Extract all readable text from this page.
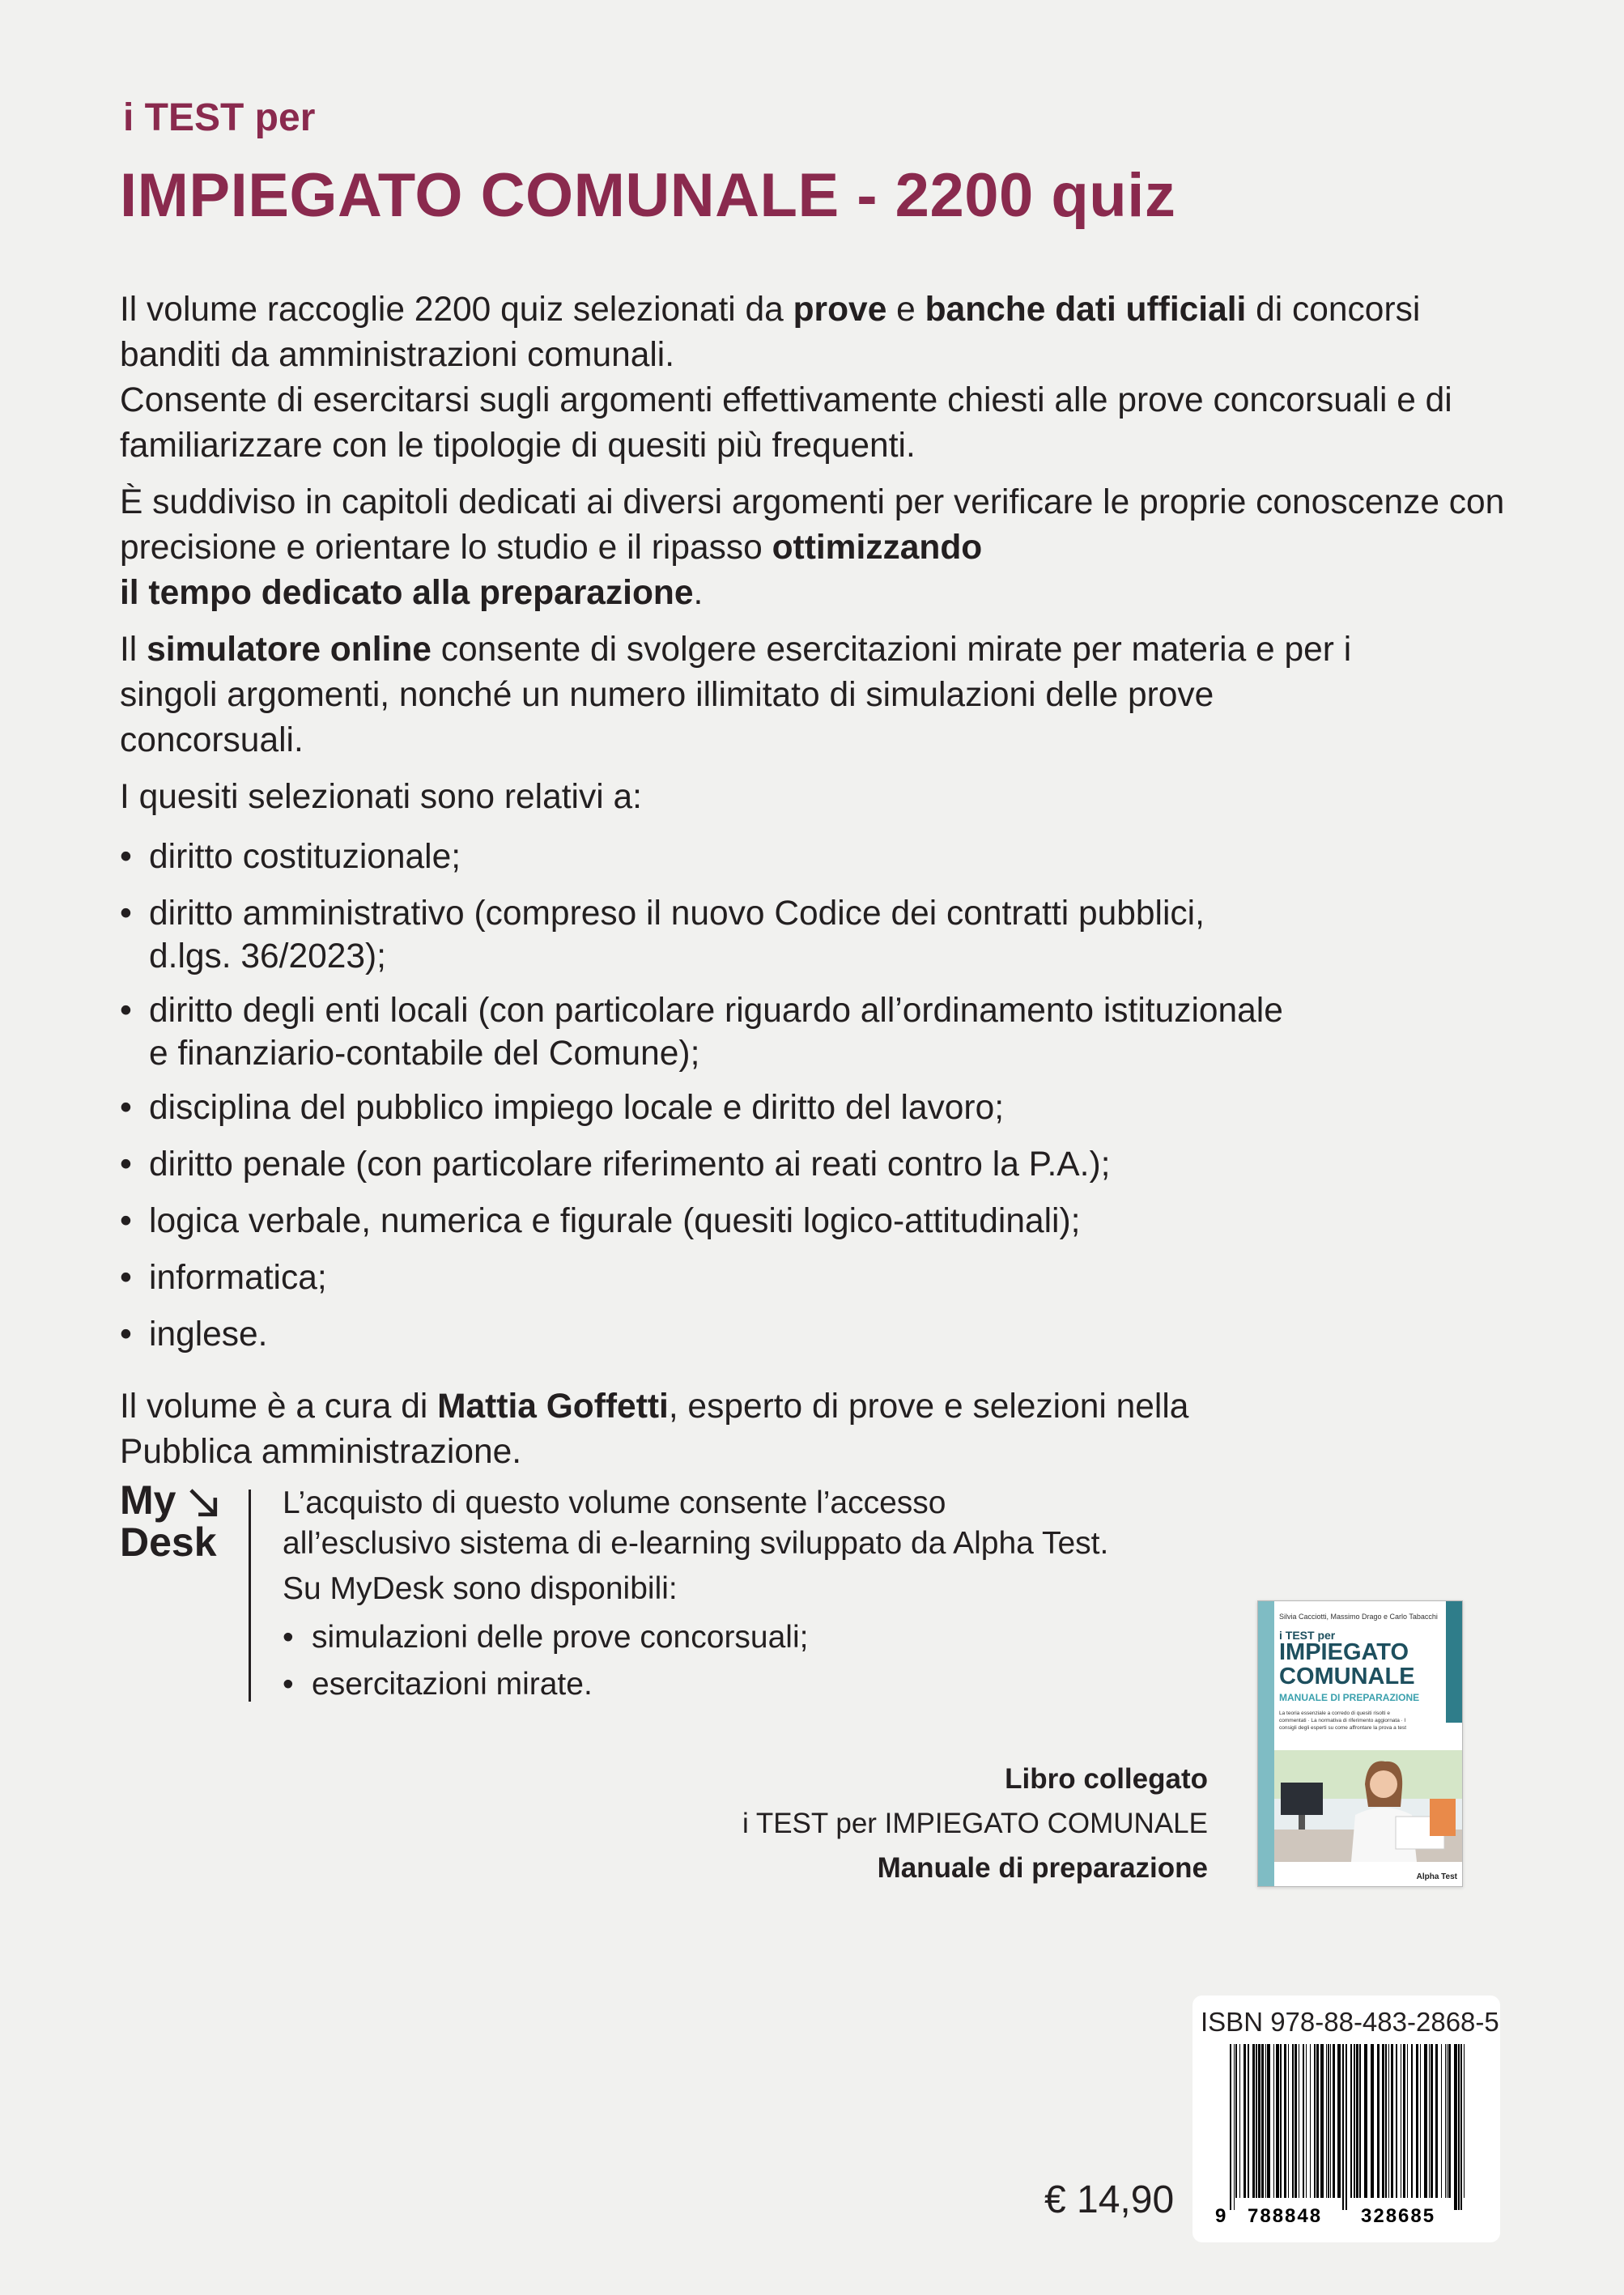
i TEST per
IMPIEGATO COMUNALE - 2200 quiz

Il volume raccoglie 2200 quiz selezionati da prove e banche dati ufficiali di concorsi banditi da amministrazioni comunali.
Consente di esercitarsi sugli argomenti effettivamente chiesti alle prove concorsuali e di familiarizzare con le tipologie di quesiti più frequenti.

È suddiviso in capitoli dedicati ai diversi argomenti per verificare le proprie conoscenze con precisione e orientare lo studio e il ripasso ottimizzando
il tempo dedicato alla preparazione.

Il simulatore online consente di svolgere esercitazioni mirate per materia e per i singoli argomenti, nonché un numero illimitato di simulazioni delle prove concorsuali.

I quesiti selezionati sono relativi a:

• diritto costituzionale;
• diritto amministrativo (compreso il nuovo Codice dei contratti pubblici,
d.lgs. 36/2023);
• diritto degli enti locali (con particolare riguardo all’ordinamento istituzionale
e finanziario-contabile del Comune);
• disciplina del pubblico impiego locale e diritto del lavoro;
• diritto penale (con particolare riferimento ai reati contro la P.A.);
• logica verbale, numerica e figurale (quesiti logico-attitudinali);
• informatica;
• inglese.

Il volume è a cura di Mattia Goffetti, esperto di prove e selezioni nella
Pubblica amministrazione.

My
Desk

L’acquisto di questo volume consente l’accesso
all’esclusivo sistema di e-learning sviluppato da Alpha Test.

Su MyDesk sono disponibili:

• simulazioni delle prove concorsuali;
• esercitazioni mirate.
Libro collegato
i TEST per IMPIEGATO COMUNALE
Manuale di preparazione
Silvia Cacciotti, Massimo Drago e Carlo Tabacchi
i TEST per
IMPIEGATO
COMUNALE
MANUALE DI PREPARAZIONE
La teoria essenziale a corredo di quesiti risolti e commentati · La normativa di riferimento aggiornata · I consigli degli esperti su come affrontare la prova a test
Alpha Test
ISBN 978-88-483-2868-5
9 788848 328685
€ 14,90
